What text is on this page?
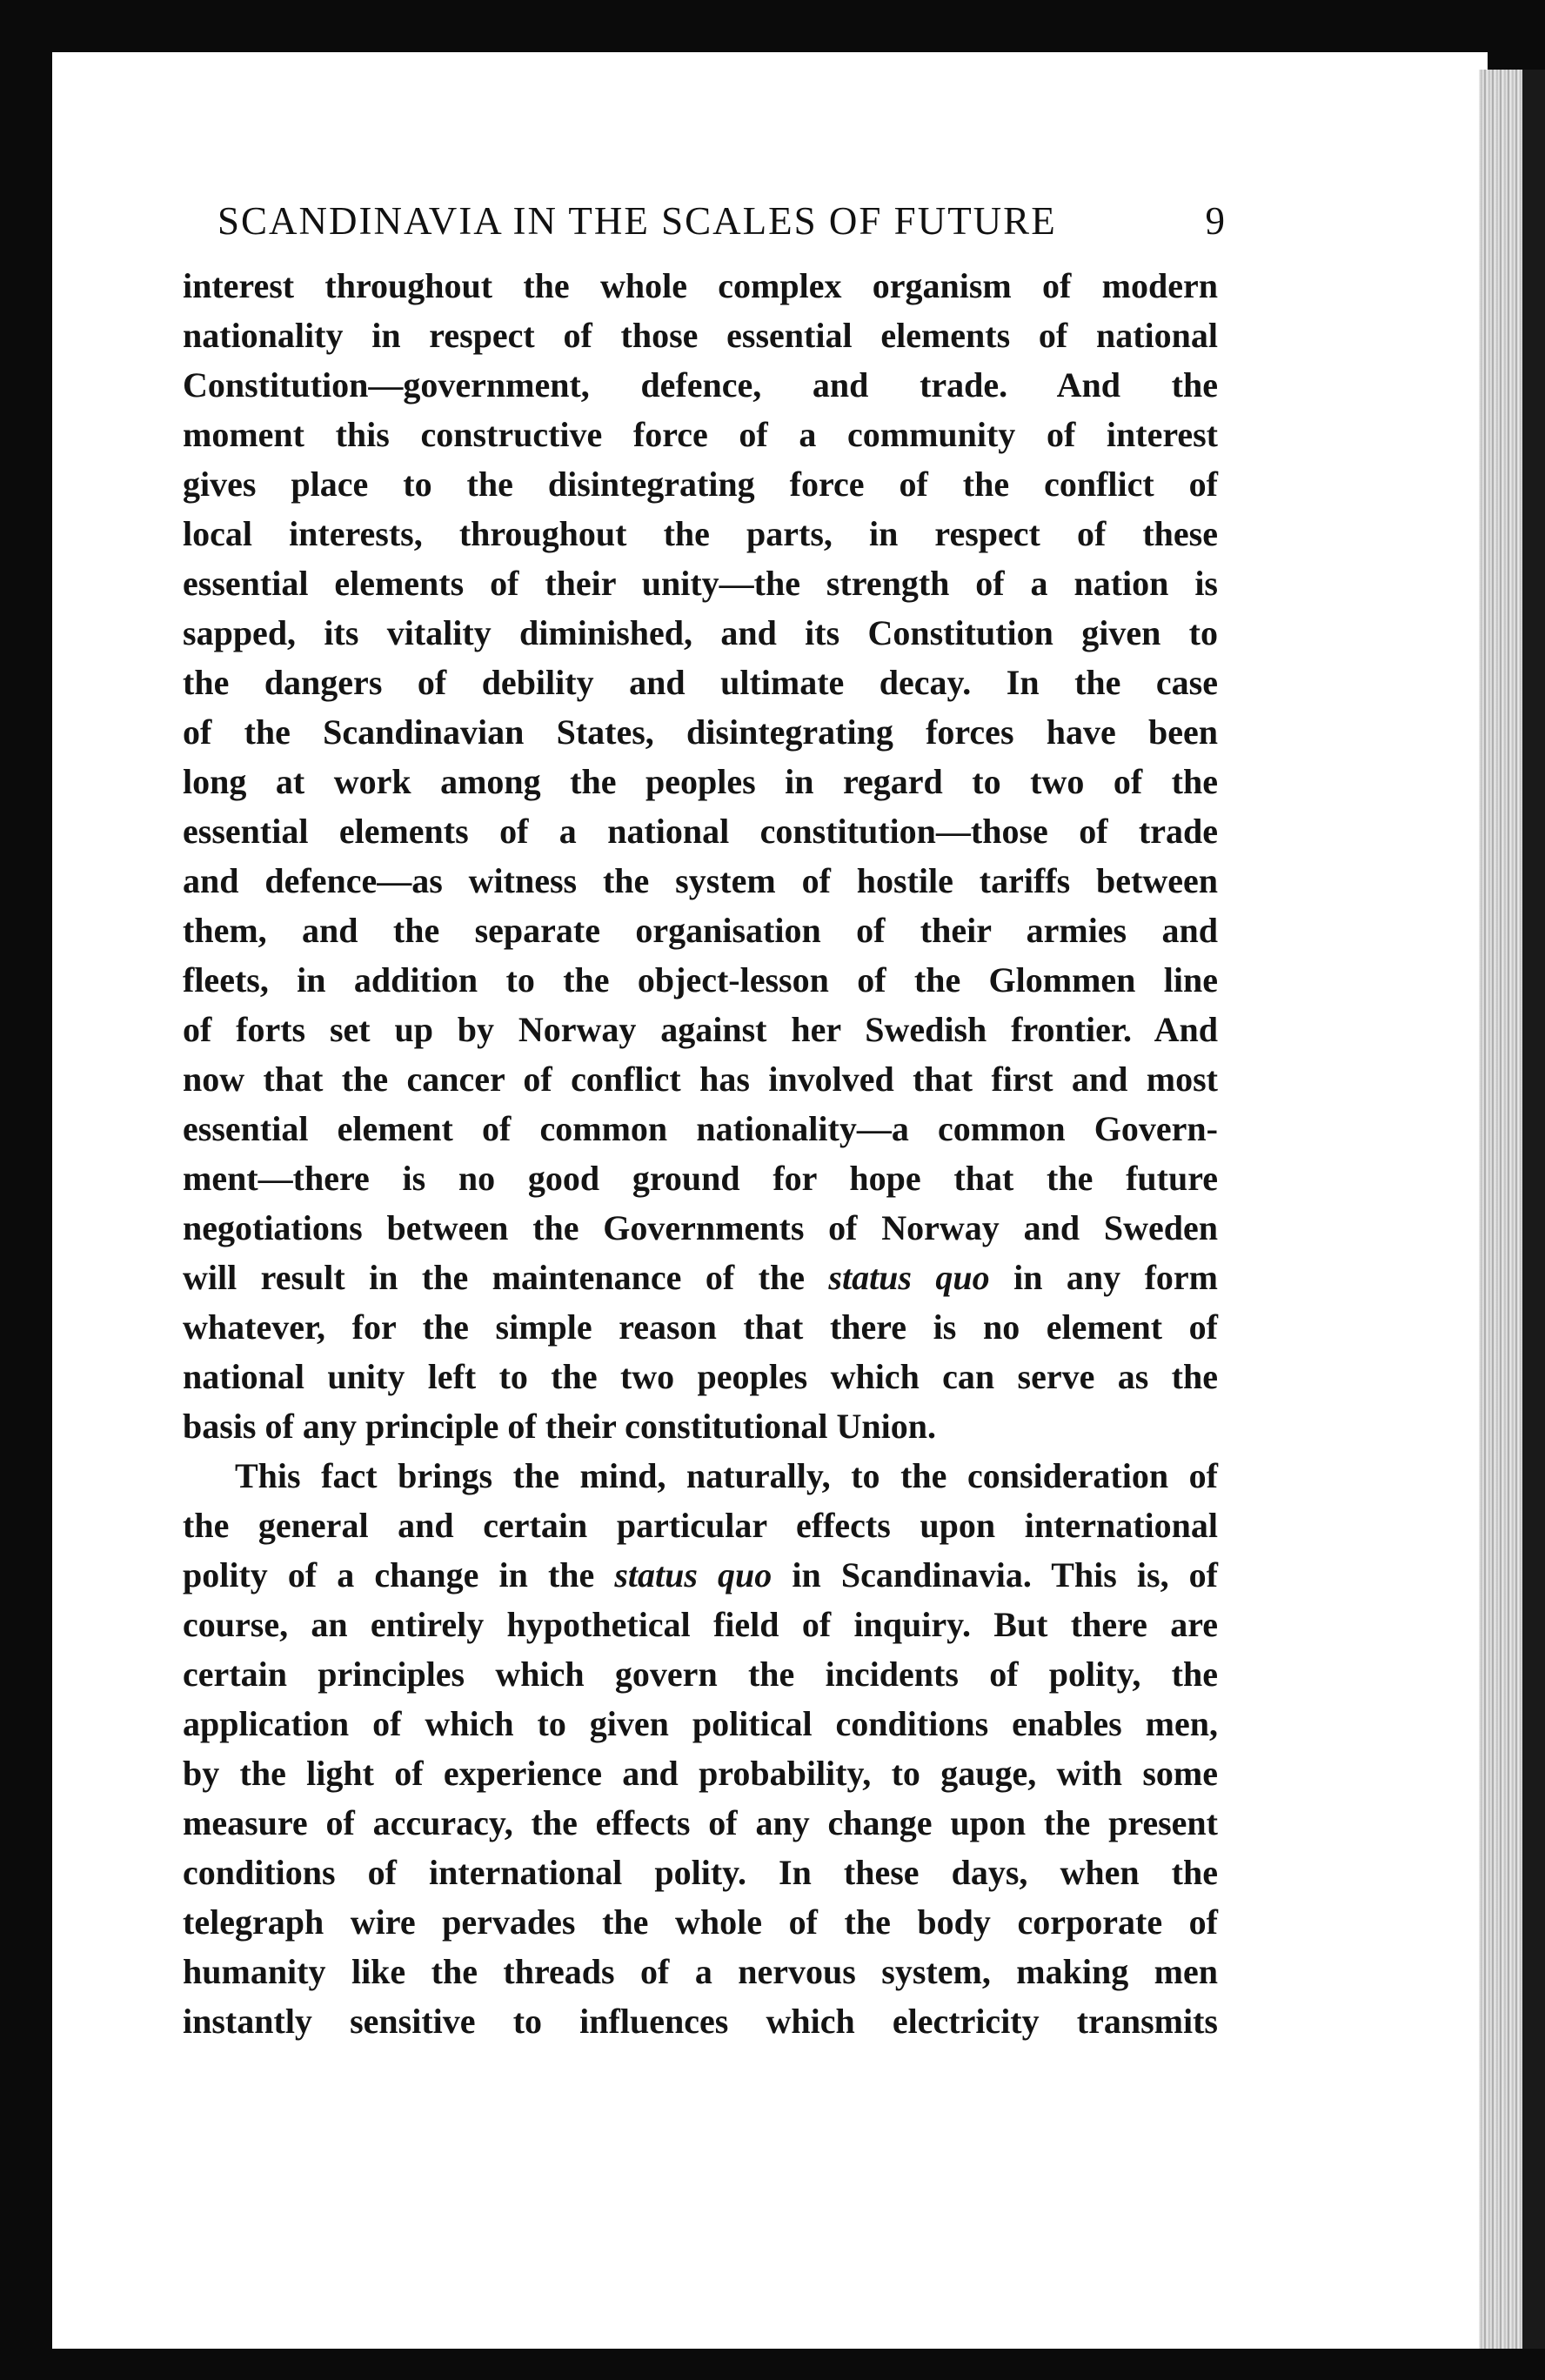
SCANDINAVIA IN THE SCALES OF FUTURE	9
interest throughout the whole complex organism of modern
nationality in respect of those essential elements of national
Constitution—government, defence, and trade. And the
moment this constructive force of a community of interest
gives place to the disintegrating force of the conflict of
local interests, throughout the parts, in respect of these
essential elements of their unity—the strength of a nation is
sapped, its vitality diminished, and its Constitution given to
the dangers of debility and ultimate decay. In the case
of the Scandinavian States, disintegrating forces have been
long at work among the peoples in regard to two of the
essential elements of a national constitution—those of trade
and defence—as witness the system of hostile tariffs between
them, and the separate organisation of their armies and
fleets, in addition to the object-lesson of the Glommen line
of forts set up by Norway against her Swedish frontier. And
now that the cancer of conflict has involved that first and most
essential element of common nationality—a common Govern-
ment—there is no good ground for hope that the future
negotiations between the Governments of Norway and Sweden
will result in the maintenance of the status quo in any form
whatever, for the simple reason that there is no element of
national unity left to the two peoples which can serve as the
basis of any principle of their constitutional Union.
This fact brings the mind, naturally, to the consideration of
the general and certain particular effects upon international
polity of a change in the status quo in Scandinavia. This is, of
course, an entirely hypothetical field of inquiry. But there are
certain principles which govern the incidents of polity, the
application of which to given political conditions enables men,
by the light of experience and probability, to gauge, with some
measure of accuracy, the effects of any change upon the present
conditions of international polity. In these days, when the
telegraph wire pervades the whole of the body corporate of
humanity like the threads of a nervous system, making men
instantly sensitive to influences which electricity transmits
